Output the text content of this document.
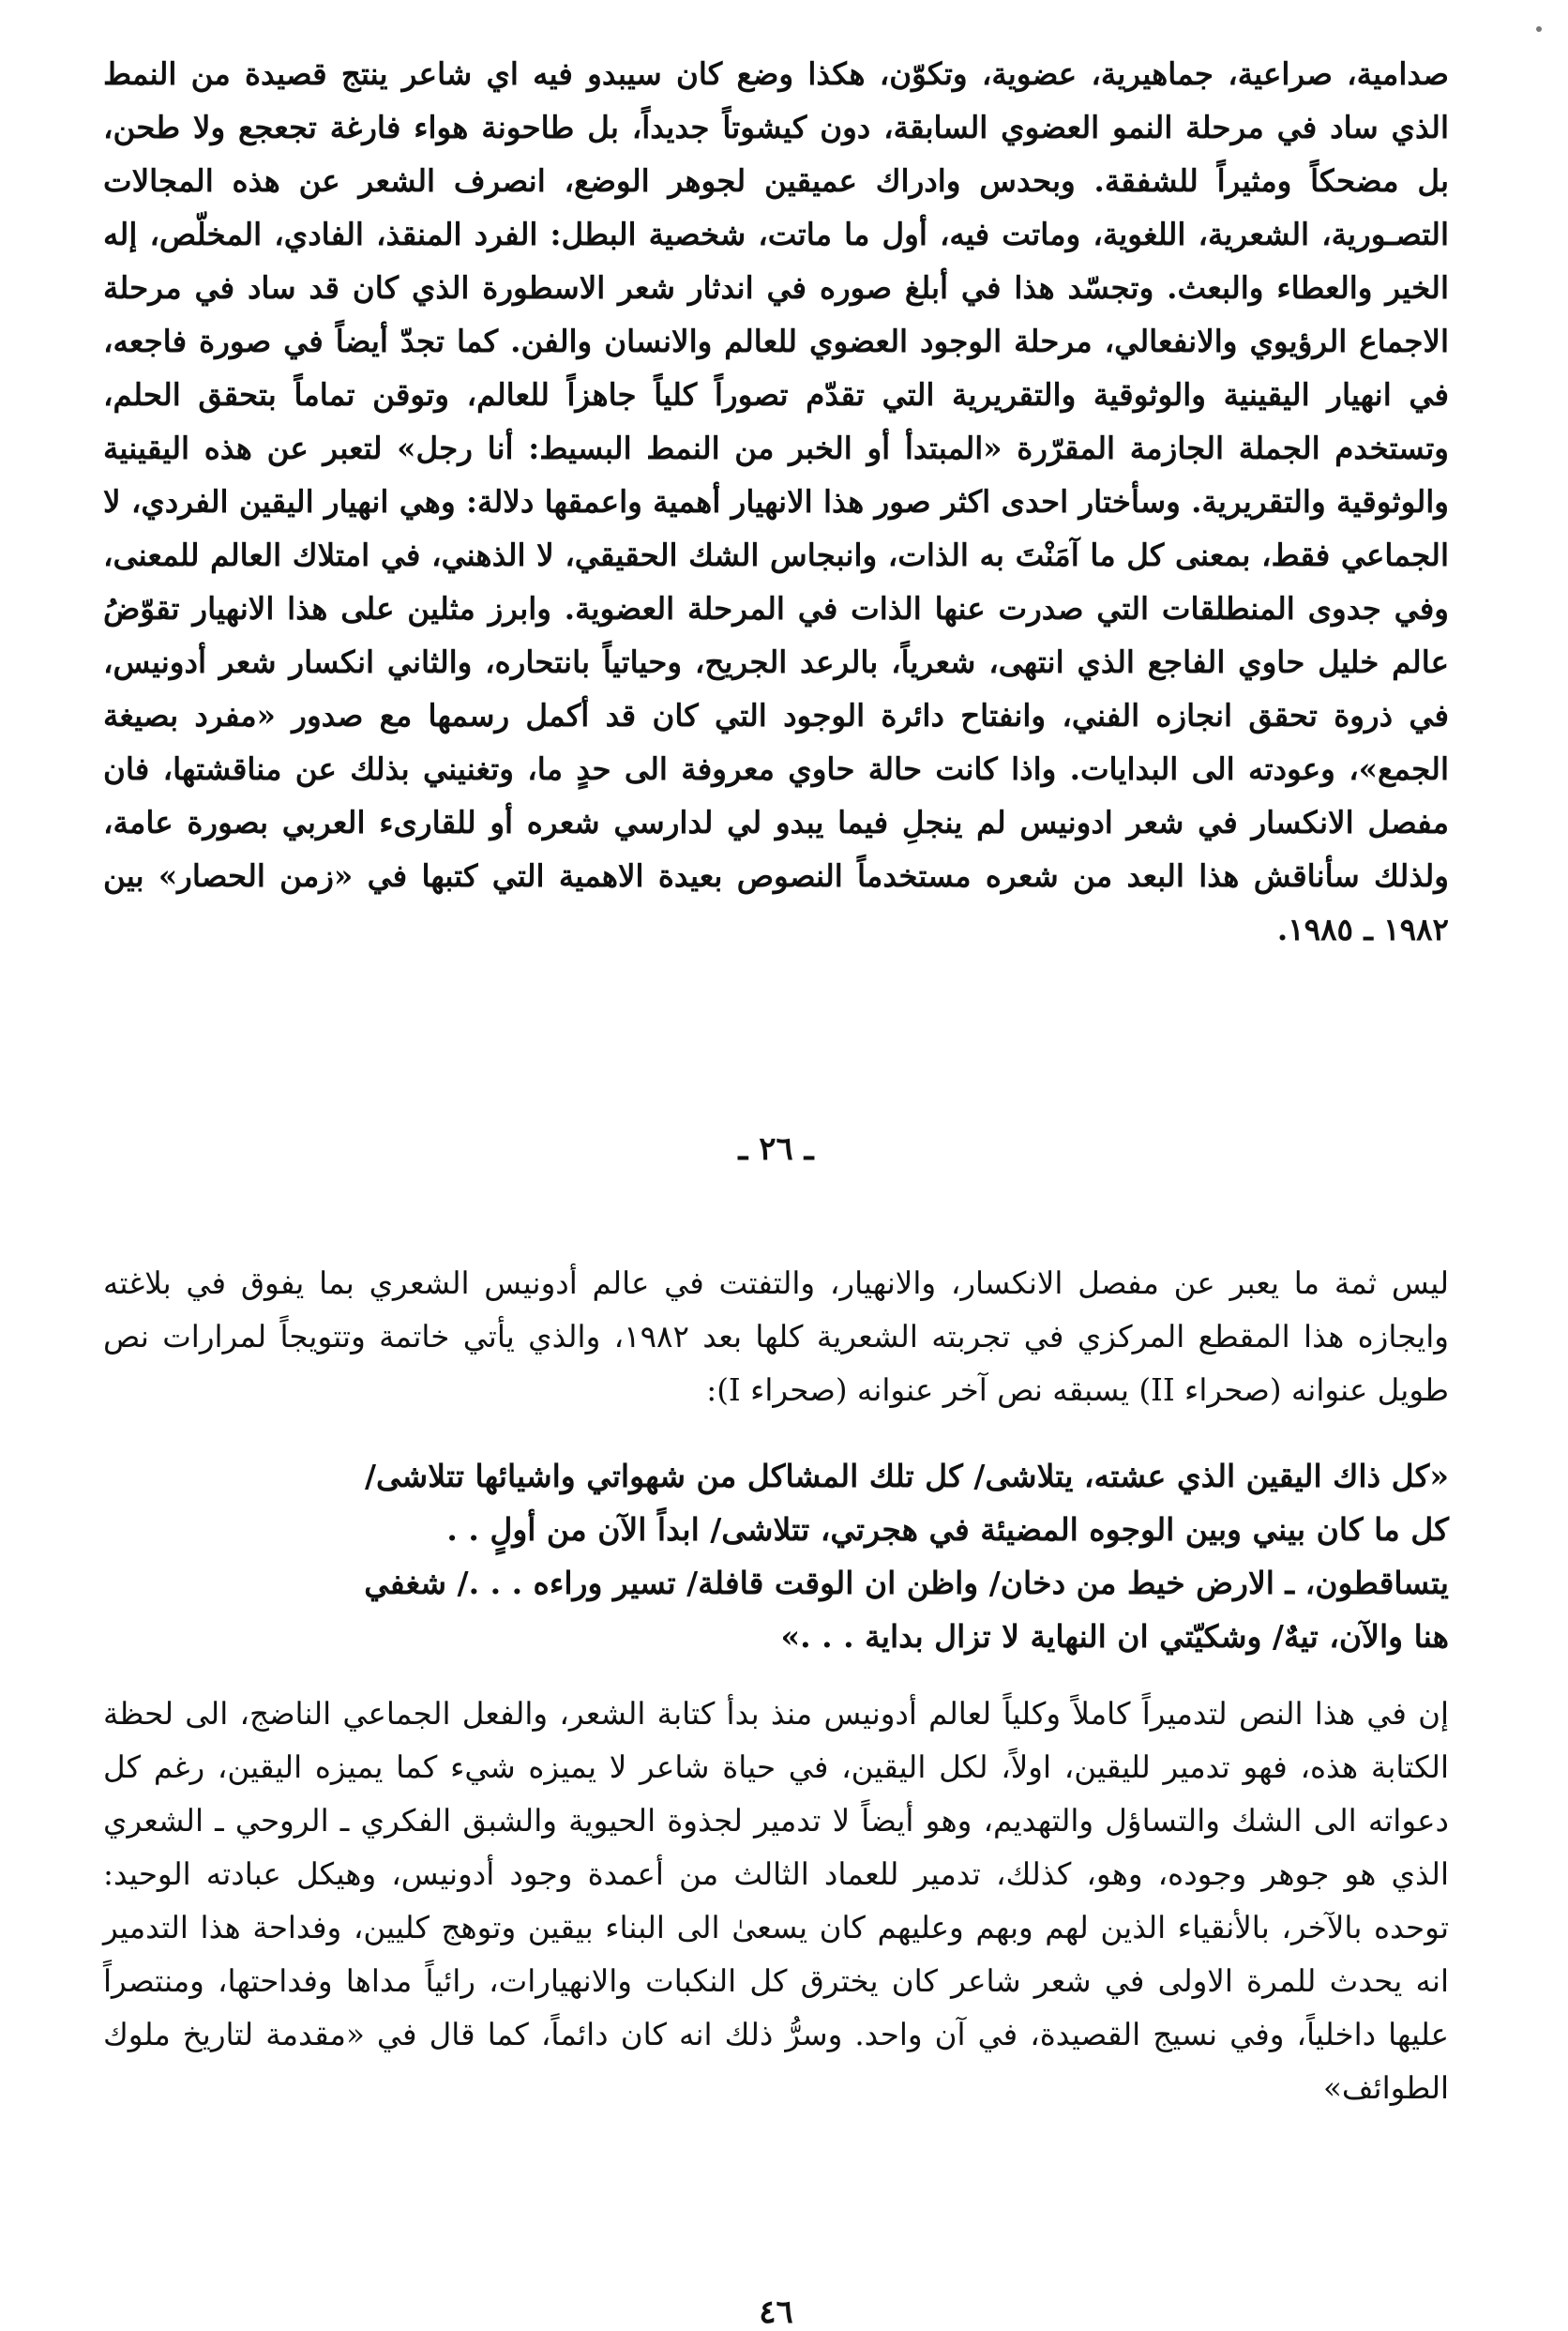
صدامية، صراعية، جماهيرية، عضوية، وتكوّن، هكذا وضع كان سيبدو فيه اي شاعر ينتج قصيدة من النمط الذي ساد في مرحلة النمو العضوي السابقة، دون كيشوتاً جديداً، بل طاحونة هواء فارغة تجعجع ولا طحن، بل مضحكاً ومثيراً للشفقة. وبحدس وادراك عميقين لجوهر الوضع، انصرف الشعر عن هذه المجالات التصـورية، الشعرية، اللغوية، وماتت فيه، أول ما ماتت، شخصية البطل: الفرد المنقذ، الفادي، المخلّص، إله الخير والعطاء والبعث. وتجسّد هذا في أبلغ صوره في اندثار شعر الاسطورة الذي كان قد ساد في مرحلة الاجماع الرؤيوي والانفعالي، مرحلة الوجود العضوي للعالم والانسان والفن. كما تجدّ أيضاً في صورة فاجعه، في انهيار اليقينية والوثوقية والتقريرية التي تقدّم تصوراً كلياً جاهزاً للعالم، وتوقن تماماً بتحقق الحلم، وتستخدم الجملة الجازمة المقرّرة «المبتدأ أو الخبر من النمط البسيط: أنا رجل» لتعبر عن هذه اليقينية والوثوقية والتقريرية. وسأختار احدى اكثر صور هذا الانهيار أهمية واعمقها دلالة: وهي انهيار اليقين الفردي، لا الجماعي فقط، بمعنى كل ما آمَنْتَ به الذات، وانبجاس الشك الحقيقي، لا الذهني، في امتلاك العالم للمعنى، وفي جدوى المنطلقات التي صدرت عنها الذات في المرحلة العضوية. وابرز مثلين على هذا الانهيار تقوّضُ عالم خليل حاوي الفاجع الذي انتهى، شعرياً، بالرعد الجريح، وحياتياً بانتحاره، والثاني انكسار شعر أدونيس، في ذروة تحقق انجازه الفني، وانفتاح دائرة الوجود التي كان قد أكمل رسمها مع صدور «مفرد بصيغة الجمع»، وعودته الى البدايات. واذا كانت حالة حاوي معروفة الى حدٍ ما، وتغنيني بذلك عن مناقشتها، فان مفصل الانكسار في شعر ادونيس لم ينجلِ فيما يبدو لي لدارسي شعره أو للقارىء العربي بصورة عامة، ولذلك سأناقش هذا البعد من شعره مستخدماً النصوص بعيدة الاهمية التي كتبها في «زمن الحصار» بين ١٩٨٢ ـ ١٩٨٥.

ـ ٢٦ ـ

ليس ثمة ما يعبر عن مفصل الانكسار، والانهيار، والتفتت في عالم أدونيس الشعري بما يفوق في بلاغته وايجازه هذا المقطع المركزي في تجربته الشعرية كلها بعد ١٩٨٢، والذي يأتي خاتمة وتتويجاً لمرارات نص طويل عنوانه (صحراء II) يسبقه نص آخر عنوانه (صحراء I):

«كل ذاك اليقين الذي عشته، يتلاشى/ كل تلك المشاكل من شهواتي واشيائها تتلاشى/
كل ما كان بيني وبين الوجوه المضيئة في هجرتي، تتلاشى/ ابداً الآن من أولٍ . .
يتساقطون، ـ الارض خيط من دخان/ واظن ان الوقت قافلة/ تسير وراءه . . ./ شغفي
هنا والآن، تيهٌ/ وشكيّتي ان النهاية لا تزال بداية . . .»

إن في هذا النص لتدميراً كاملاً وكلياً لعالم أدونيس منذ بدأ كتابة الشعر، والفعل الجماعي الناضج، الى لحظة الكتابة هذه، فهو تدمير لليقين، اولاً، لكل اليقين، في حياة شاعر لا يميزه شيء كما يميزه اليقين، رغم كل دعواته الى الشك والتساؤل والتهديم، وهو أيضاً لا تدمير لجذوة الحيوية والشبق الفكري ـ الروحي ـ الشعري الذي هو جوهر وجوده، وهو، كذلك، تدمير للعماد الثالث من أعمدة وجود أدونيس، وهيكل عبادته الوحيد: توحده بالآخر، بالأنقياء الذين لهم وبهم وعليهم كان يسعىٰ الى البناء بيقين وتوهج كليين، وفداحة هذا التدمير انه يحدث للمرة الاولى في شعر شاعر كان يخترق كل النكبات والانهيارات، رائياً مداها وفداحتها، ومنتصراً عليها داخلياً، وفي نسيج القصيدة، في آن واحد. وسرُّ ذلك انه كان دائماً، كما قال في «مقدمة لتاريخ ملوك الطوائف»

٤٦
